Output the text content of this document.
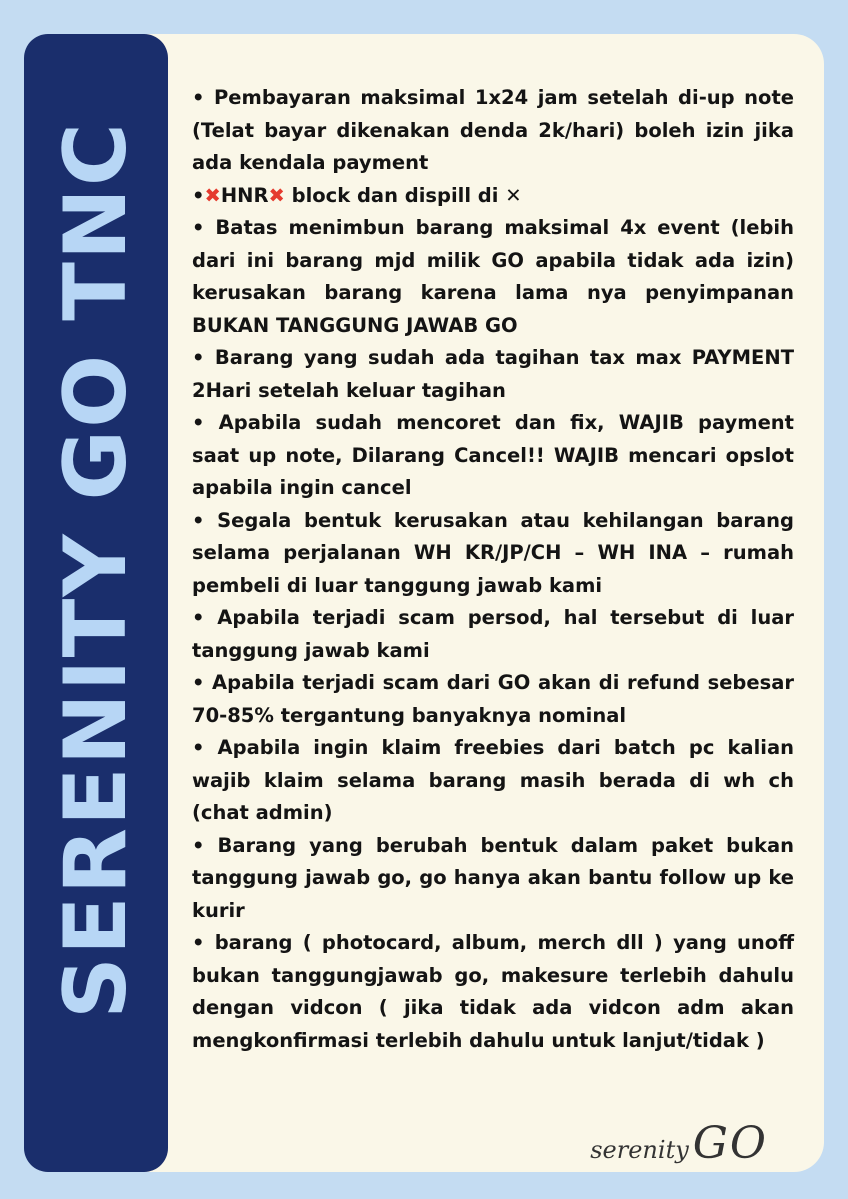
SERENITY GO TNC
• Pembayaran maksimal 1x24 jam setelah di-up note (Telat bayar dikenakan denda 2k/hari) boleh izin jika ada kendala payment
•✖HNR✖ block dan dispill di ✕
• Batas menimbun barang maksimal 4x event (lebih dari ini barang mjd milik GO apabila tidak ada izin) kerusakan barang karena lama nya penyimpanan BUKAN TANGGUNG JAWAB GO
• Barang yang sudah ada tagihan tax max PAYMENT 2Hari setelah keluar tagihan
• Apabila sudah mencoret dan fix, WAJIB payment saat up note, Dilarang Cancel!! WAJIB mencari opslot apabila ingin cancel
• Segala bentuk kerusakan atau kehilangan barang selama perjalanan WH KR/JP/CH – WH INA – rumah pembeli di luar tanggung jawab kami
• Apabila terjadi scam persod, hal tersebut di luar tanggung jawab kami
• Apabila terjadi scam dari GO akan di refund sebesar 70-85% tergantung banyaknya nominal
• Apabila ingin klaim freebies dari batch pc kalian wajib klaim selama barang masih berada di wh ch (chat admin)
• Barang yang berubah bentuk dalam paket bukan tanggung jawab go, go hanya akan bantu follow up ke kurir
• barang ( photocard, album, merch dll ) yang unoff bukan tanggungjawab go, makesure terlebih dahulu dengan vidcon ( jika tidak ada vidcon adm akan mengkonfirmasi terlebih dahulu untuk lanjut/tidak )
serenityGO
